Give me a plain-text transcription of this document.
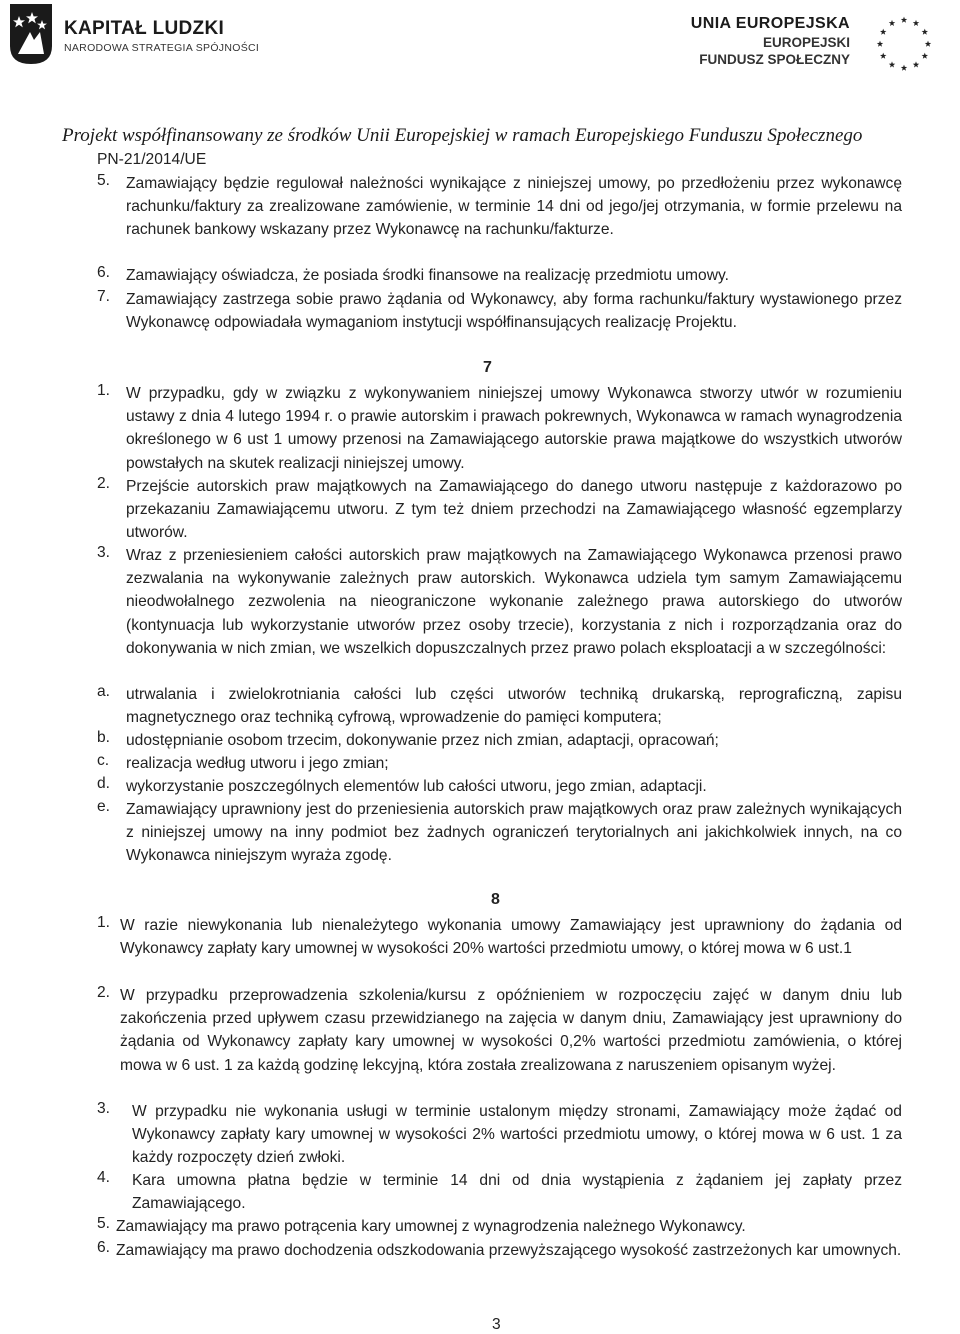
KAPITAŁ LUDZKI
NARODOWA STRATEGIA SPÓJNOŚCI
UNIA EUROPEJSKA
EUROPEJSKI
FUNDUSZ SPOŁECZNY
Projekt współfinansowany ze środków Unii Europejskiej w ramach Europejskiego Funduszu Społecznego
PN-21/2014/UE
5. Zamawiający będzie regulował należności wynikające z niniejszej umowy, po przedłożeniu przez wykonawcę rachunku/faktury za zrealizowane zamówienie, w terminie 14 dni od jego/jej otrzymania, w formie przelewu na rachunek bankowy wskazany przez Wykonawcę na rachunku/fakturze.
6. Zamawiający oświadcza, że posiada środki finansowe na realizację przedmiotu umowy.
7. Zamawiający zastrzega sobie prawo żądania od Wykonawcy, aby forma rachunku/faktury wystawionego przez Wykonawcę odpowiadała wymaganiom instytucji współfinansujących realizację Projektu.
7
1. W przypadku, gdy w związku z wykonywaniem niniejszej umowy Wykonawca stworzy utwór w rozumieniu ustawy z dnia 4 lutego 1994 r. o prawie autorskim i prawach pokrewnych, Wykonawca w ramach wynagrodzenia określonego w 6 ust 1 umowy przenosi na Zamawiającego autorskie prawa majątkowe do wszystkich utworów powstałych na skutek realizacji niniejszej umowy.
2. Przejście autorskich praw majątkowych na Zamawiającego do danego utworu następuje z każdorazowo po przekazaniu Zamawiającemu utworu. Z tym też dniem przechodzi na Zamawiającego własność egzemplarzy utworów.
3. Wraz z przeniesieniem całości autorskich praw majątkowych na Zamawiającego Wykonawca przenosi prawo zezwalania na wykonywanie zależnych praw autorskich. Wykonawca udziela tym samym Zamawiającemu nieodwołalnego zezwolenia na nieograniczone wykonanie zależnego prawa autorskiego do utworów (kontynuacja lub wykorzystanie utworów przez osoby trzecie), korzystania z nich i rozporządzania oraz do dokonywania w nich zmian, we wszelkich dopuszczalnych przez prawo polach eksploatacji a w szczególności:
a. utrwalania i zwielokrotniania całości lub części utworów techniką drukarską, reprograficzną, zapisu magnetycznego oraz techniką cyfrową, wprowadzenie do pamięci komputera;
b. udostępnianie osobom trzecim, dokonywanie przez nich zmian, adaptacji, opracowań;
c. realizacja według utworu i jego zmian;
d. wykorzystanie poszczególnych elementów lub całości utworu, jego zmian, adaptacji.
e. Zamawiający uprawniony jest do przeniesienia autorskich praw majątkowych oraz praw zależnych wynikających z niniejszej umowy na inny podmiot bez żadnych ograniczeń terytorialnych ani jakichkolwiek innych, na co Wykonawca niniejszym wyraża zgodę.
8
1. W razie niewykonania lub nienależytego wykonania umowy Zamawiający jest uprawniony do żądania od Wykonawcy zapłaty kary umownej w wysokości 20% wartości przedmiotu umowy, o której mowa w 6 ust.1
2. W przypadku przeprowadzenia szkolenia/kursu z opóźnieniem w rozpoczęciu zajęć w danym dniu lub zakończenia przed upływem czasu przewidzianego na zajęcia w danym dniu, Zamawiający jest uprawniony do żądania od Wykonawcy zapłaty kary umownej w wysokości 0,2% wartości przedmiotu zamówienia, o której mowa w 6 ust. 1 za każdą godzinę lekcyjną, która została zrealizowana z naruszeniem opisanym wyżej.
3. W przypadku nie wykonania usługi w terminie ustalonym między stronami, Zamawiający może żądać od Wykonawcy zapłaty kary umownej w wysokości 2% wartości przedmiotu umowy, o której mowa w 6 ust. 1 za każdy rozpoczęty dzień zwłoki.
4. Kara umowna płatna będzie w terminie 14 dni od dnia wystąpienia z żądaniem jej zapłaty przez Zamawiającego.
5. Zamawiający ma prawo potrącenia kary umownej z wynagrodzenia należnego Wykonawcy.
6. Zamawiający ma prawo dochodzenia odszkodowania przewyższającego wysokość zastrzeżonych kar umownych.
3
